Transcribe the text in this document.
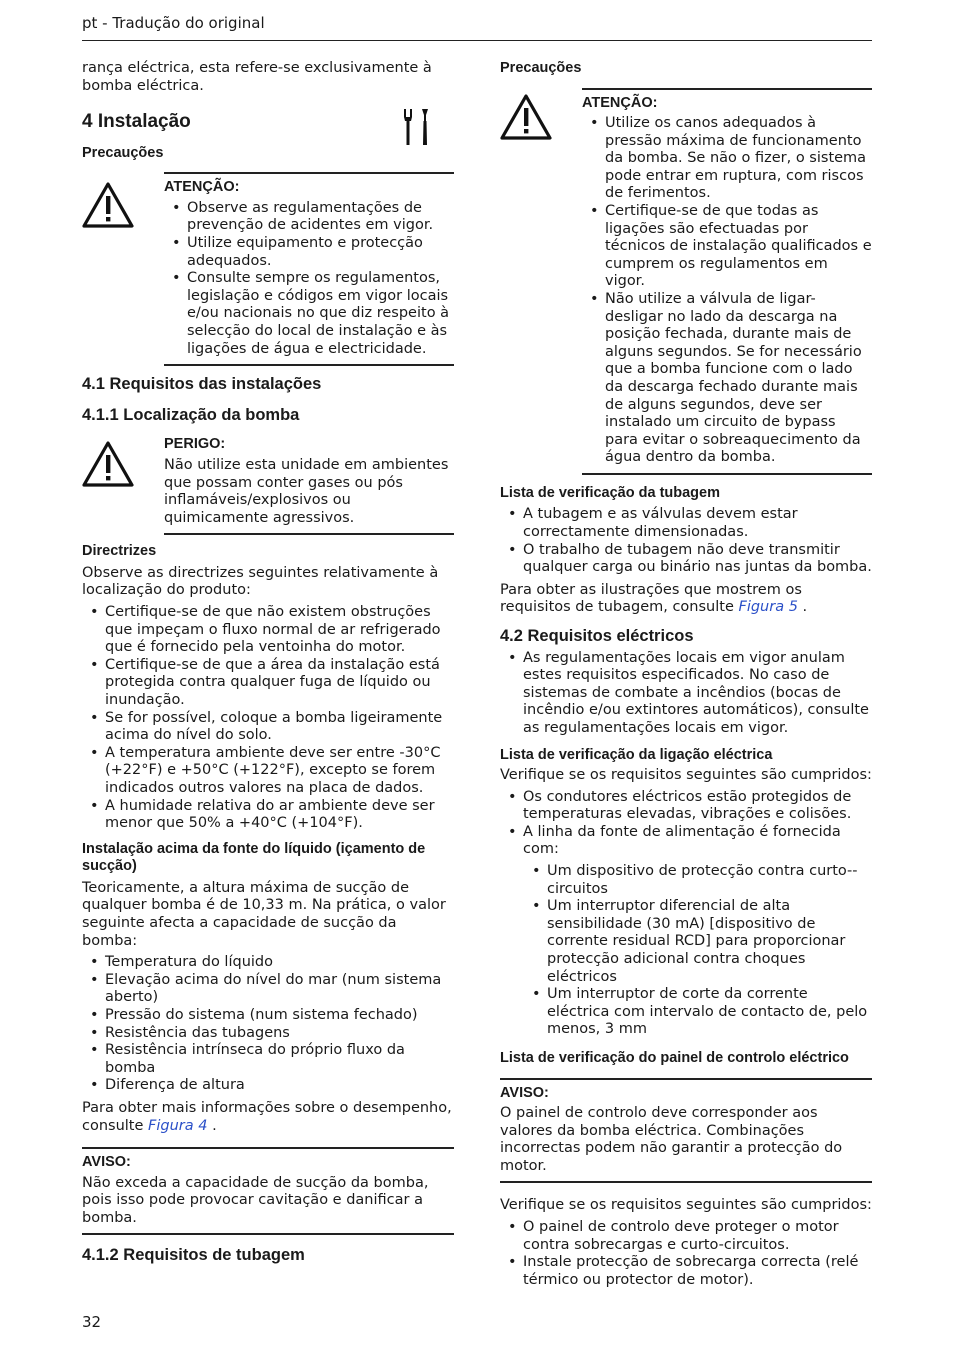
pt - Tradução do original

rança eléctrica, esta refere-se exclusivamente à bomba eléctrica.

4 Instalação
Precauções
ATENÇÃO:
• Observe as regulamentações de prevenção de acidentes em vigor.
• Utilize equipamento e protecção adequados.
• Consulte sempre os regulamentos, legislação e códigos em vigor locais e/ou nacionais no que diz respeito à selecção do local de instalação e às ligações de água e electricidade.
4.1 Requisitos das instalações
4.1.1 Localização da bomba
PERIGO:

Não utilize esta unidade em ambientes que possam conter gases ou pós inflamáveis/explosivos ou quimicamente agressivos.

Directrizes

Observe as directrizes seguintes relativamente à localização do produto:

• Certifique-se de que não existem obstruções que impeçam o fluxo normal de ar refrigerado que é fornecido pela ventoinha do motor.
• Certifique-se de que a área da instalação está protegida contra qualquer fuga de líquido ou inundação.
• Se for possível, coloque a bomba ligeiramente acima do nível do solo.
• A temperatura ambiente deve ser entre -30°C (+22°F) e +50°C (+122°F), excepto se forem indicados outros valores na placa de dados.
• A humidade relativa do ar ambiente deve ser menor que 50% a +40°C (+104°F).
Instalação acima da fonte do líquido (içamento de sucção)

Teoricamente, a altura máxima de sucção de qualquer bomba é de 10,33 m. Na prática, o valor seguinte afecta a capacidade de sucção da bomba:

• Temperatura do líquido
• Elevação acima do nível do mar (num sistema aberto)
• Pressão do sistema (num sistema fechado)
• Resistência das tubagens
• Resistência intrínseca do próprio fluxo da bomba
• Diferença de altura

Para obter mais informações sobre o desempenho, consulte Figura 4 .

AVISO:

Não exceda a capacidade de sucção da bomba, pois isso pode provocar cavitação e danificar a bomba.

4.1.2 Requisitos de tubagem
Precauções
ATENÇÃO:
• Utilize os canos adequados à pressão máxima de funcionamento da bomba. Se não o fizer, o sistema pode entrar em ruptura, com riscos de ferimentos.
• Certifique-se de que todas as ligações são efectuadas por técnicos de instalação qualificados e cumprem os regulamentos em vigor.
• Não utilize a válvula de ligar-desligar no lado da descarga na posição fechada, durante mais de alguns segundos. Se for necessário que a bomba funcione com o lado da descarga fechado durante mais de alguns segundos, deve ser instalado um circuito de bypass para evitar o sobreaquecimento da água dentro da bomba.
Lista de verificação da tubagem
• A tubagem e as válvulas devem estar correctamente dimensionadas.
• O trabalho de tubagem não deve transmitir qualquer carga ou binário nas juntas da bomba.

Para obter as ilustrações que mostrem os requisitos de tubagem, consulte Figura 5 .

4.2 Requisitos eléctricos
• As regulamentações locais em vigor anulam estes requisitos especificados. No caso de sistemas de combate a incêndios (bocas de incêndio e/ou extintores automáticos), consulte as regulamentações locais em vigor.
Lista de verificação da ligação eléctrica

Verifique se os requisitos seguintes são cumpridos:

• Os condutores eléctricos estão protegidos de temperaturas elevadas, vibrações e colisões.
• A linha da fonte de alimentação é fornecida com:
• Um dispositivo de protecção contra curto--circuitos
• Um interruptor diferencial de alta sensibilidade (30 mA) [dispositivo de corrente residual RCD] para proporcionar protecção adicional contra choques eléctricos
• Um interruptor de corte da corrente eléctrica com intervalo de contacto de, pelo menos, 3 mm
Lista de verificação do painel de controlo eléctrico
AVISO:

O painel de controlo deve corresponder aos valores da bomba eléctrica. Combinações incorrectas podem não garantir a protecção do motor.

Verifique se os requisitos seguintes são cumpridos:

• O painel de controlo deve proteger o motor contra sobrecargas e curto-circuitos.
• Instale protecção de sobrecarga correcta (relé térmico ou protector de motor).
32
